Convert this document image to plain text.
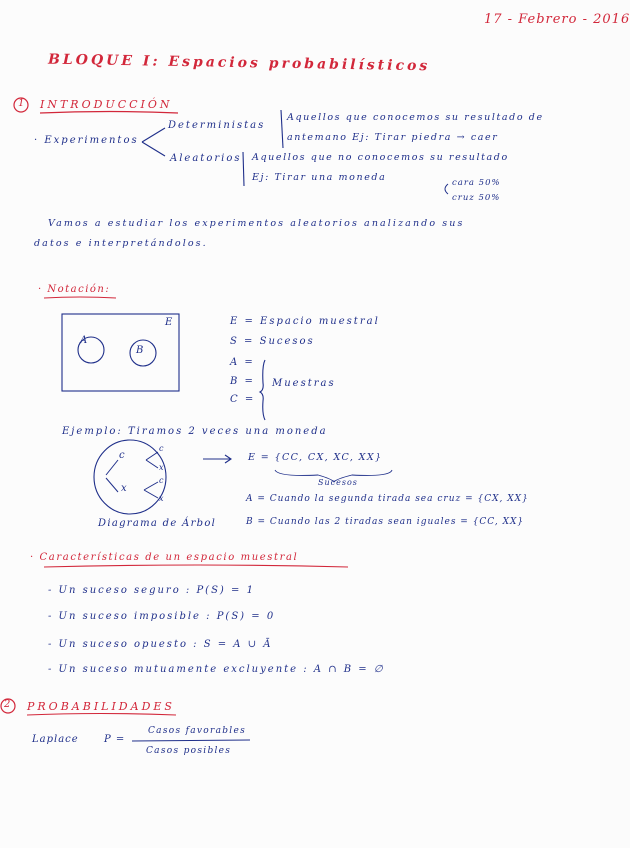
17 - Febrero - 2016
BLOQUE I: Espacios probabilísticos
1 INTRODUCCIÓN
· Experimentos
Deterministas
Aquellos que conocemos su resultado de
antemano Ej: Tirar piedra → caer
Aleatorios Aquellos que no conocemos su resultado
Ej: Tirar una moneda	cara 50%
cruz 50%
Vamos a estudiar los experimentos aleatorios analizando sus
datos e interpretándolos.
· Notación:
A
B
E	E = Espacio muestral
S = Sucesos
A =
B =
C =
Muestras
Ejemplo: Tiramos 2 veces una moneda
c
x
c
x
c
x
E = {CC, CX, XC, XX}
Sucesos
A = Cuando la segunda tirada sea cruz = {CX, XX}
B = Cuando las 2 tiradas sean iguales = {CC, XX}
Diagrama de Árbol
· Características de un espacio muestral
- Un suceso seguro : P(S) = 1
- Un suceso imposible : P(S) = 0
- Un suceso opuesto : S = A ∪ Ā
- Un suceso mutuamente excluyente : A ∩ B = ∅
2 PROBABILIDADES
Laplace	P =
Casos favorables
Casos posibles
